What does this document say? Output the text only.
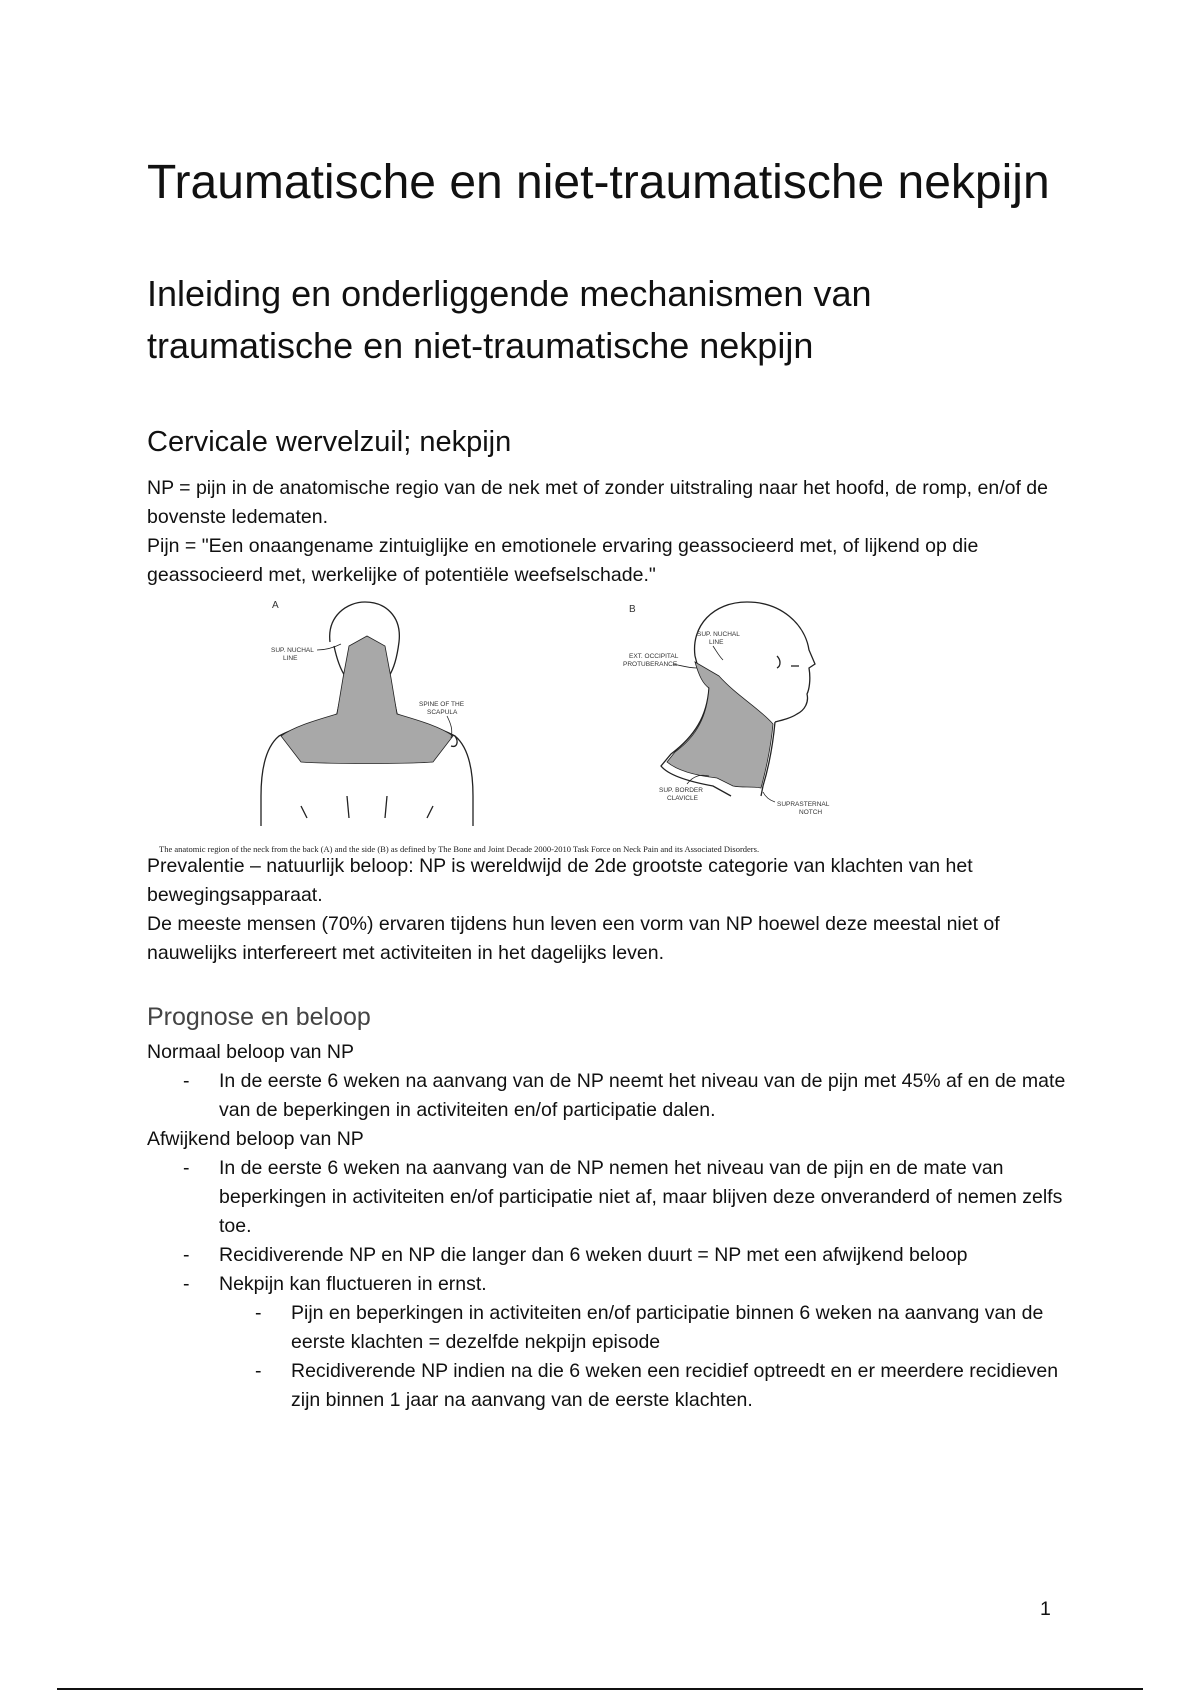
Traumatische en niet-traumatische nekpijn
Inleiding en onderliggende mechanismen van traumatische en niet-traumatische nekpijn
Cervicale wervelzuil; nekpijn

NP = pijn in de anatomische regio van de nek met of zonder uitstraling naar het hoofd, de romp, en/of de bovenste ledematen.

Pijn = "Een onaangename zintuiglijke en emotionele ervaring geassocieerd met, of lijkend op die geassocieerd met, werkelijke of potentiële weefselschade."

A
SUP. NUCHAL
LINE
SPINE OF THE
SCAPULA
B
SUP. NUCHAL
LINE
EXT. OCCIPITAL
PROTUBERANCE
SUP. BORDER
CLAVICLE
SUPRASTERNAL
NOTCH
The anatomic region of the neck from the back (A) and the side (B) as defined by The Bone and Joint Decade 2000-2010 Task Force on Neck Pain and its Associated Disorders.

Prevalentie – natuurlijk beloop: NP is wereldwijd de 2de grootste categorie van klachten van het bewegingsapparaat.

De meeste mensen (70%) ervaren tijdens hun leven een vorm van NP hoewel deze meestal niet of nauwelijks interfereert met activiteiten in het dagelijks leven.

Prognose en beloop

Normaal beloop van NP

- In de eerste 6 weken na aanvang van de NP neemt het niveau van de pijn met 45% af en de mate van de beperkingen in activiteiten en/of participatie dalen.

Afwijkend beloop van NP

- In de eerste 6 weken na aanvang van de NP nemen het niveau van de pijn en de mate van beperkingen in activiteiten en/of participatie niet af, maar blijven deze onveranderd of nemen zelfs toe.
- Recidiverende NP en NP die langer dan 6 weken duurt = NP met een afwijkend beloop
- Nekpijn kan fluctueren in ernst.
- Pijn en beperkingen in activiteiten en/of participatie binnen 6 weken na aanvang van de eerste klachten = dezelfde nekpijn episode
- Recidiverende NP indien na die 6 weken een recidief optreedt en er meerdere recidieven zijn binnen 1 jaar na aanvang van de eerste klachten.
1
